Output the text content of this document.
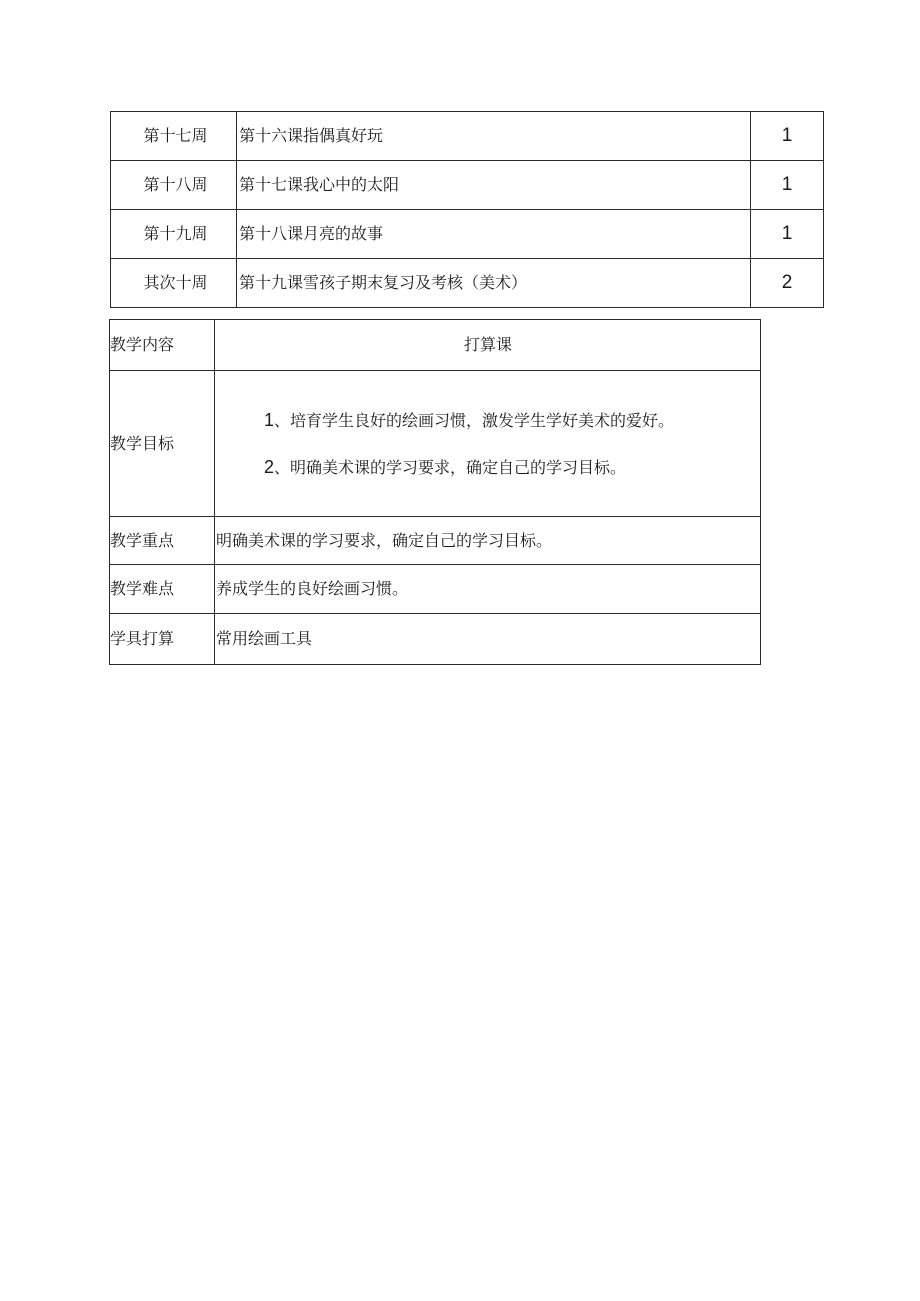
第十七周	第十六课指偶真好玩	1
第十八周	第十七课我心中的太阳	1
第十九周	第十八课月亮的故事	1
其次十周	第十九课雪孩子期末复习及考核（美术）	2
教学内容	打算课
教学目标	1、培育学生良好的绘画习惯，激发学生学好美术的爱好。
2、明确美术课的学习要求，确定自己的学习目标。

教学重点	明确美术课的学习要求，确定自己的学习目标。
教学难点	养成学生的良好绘画习惯。
学具打算	常用绘画工具
